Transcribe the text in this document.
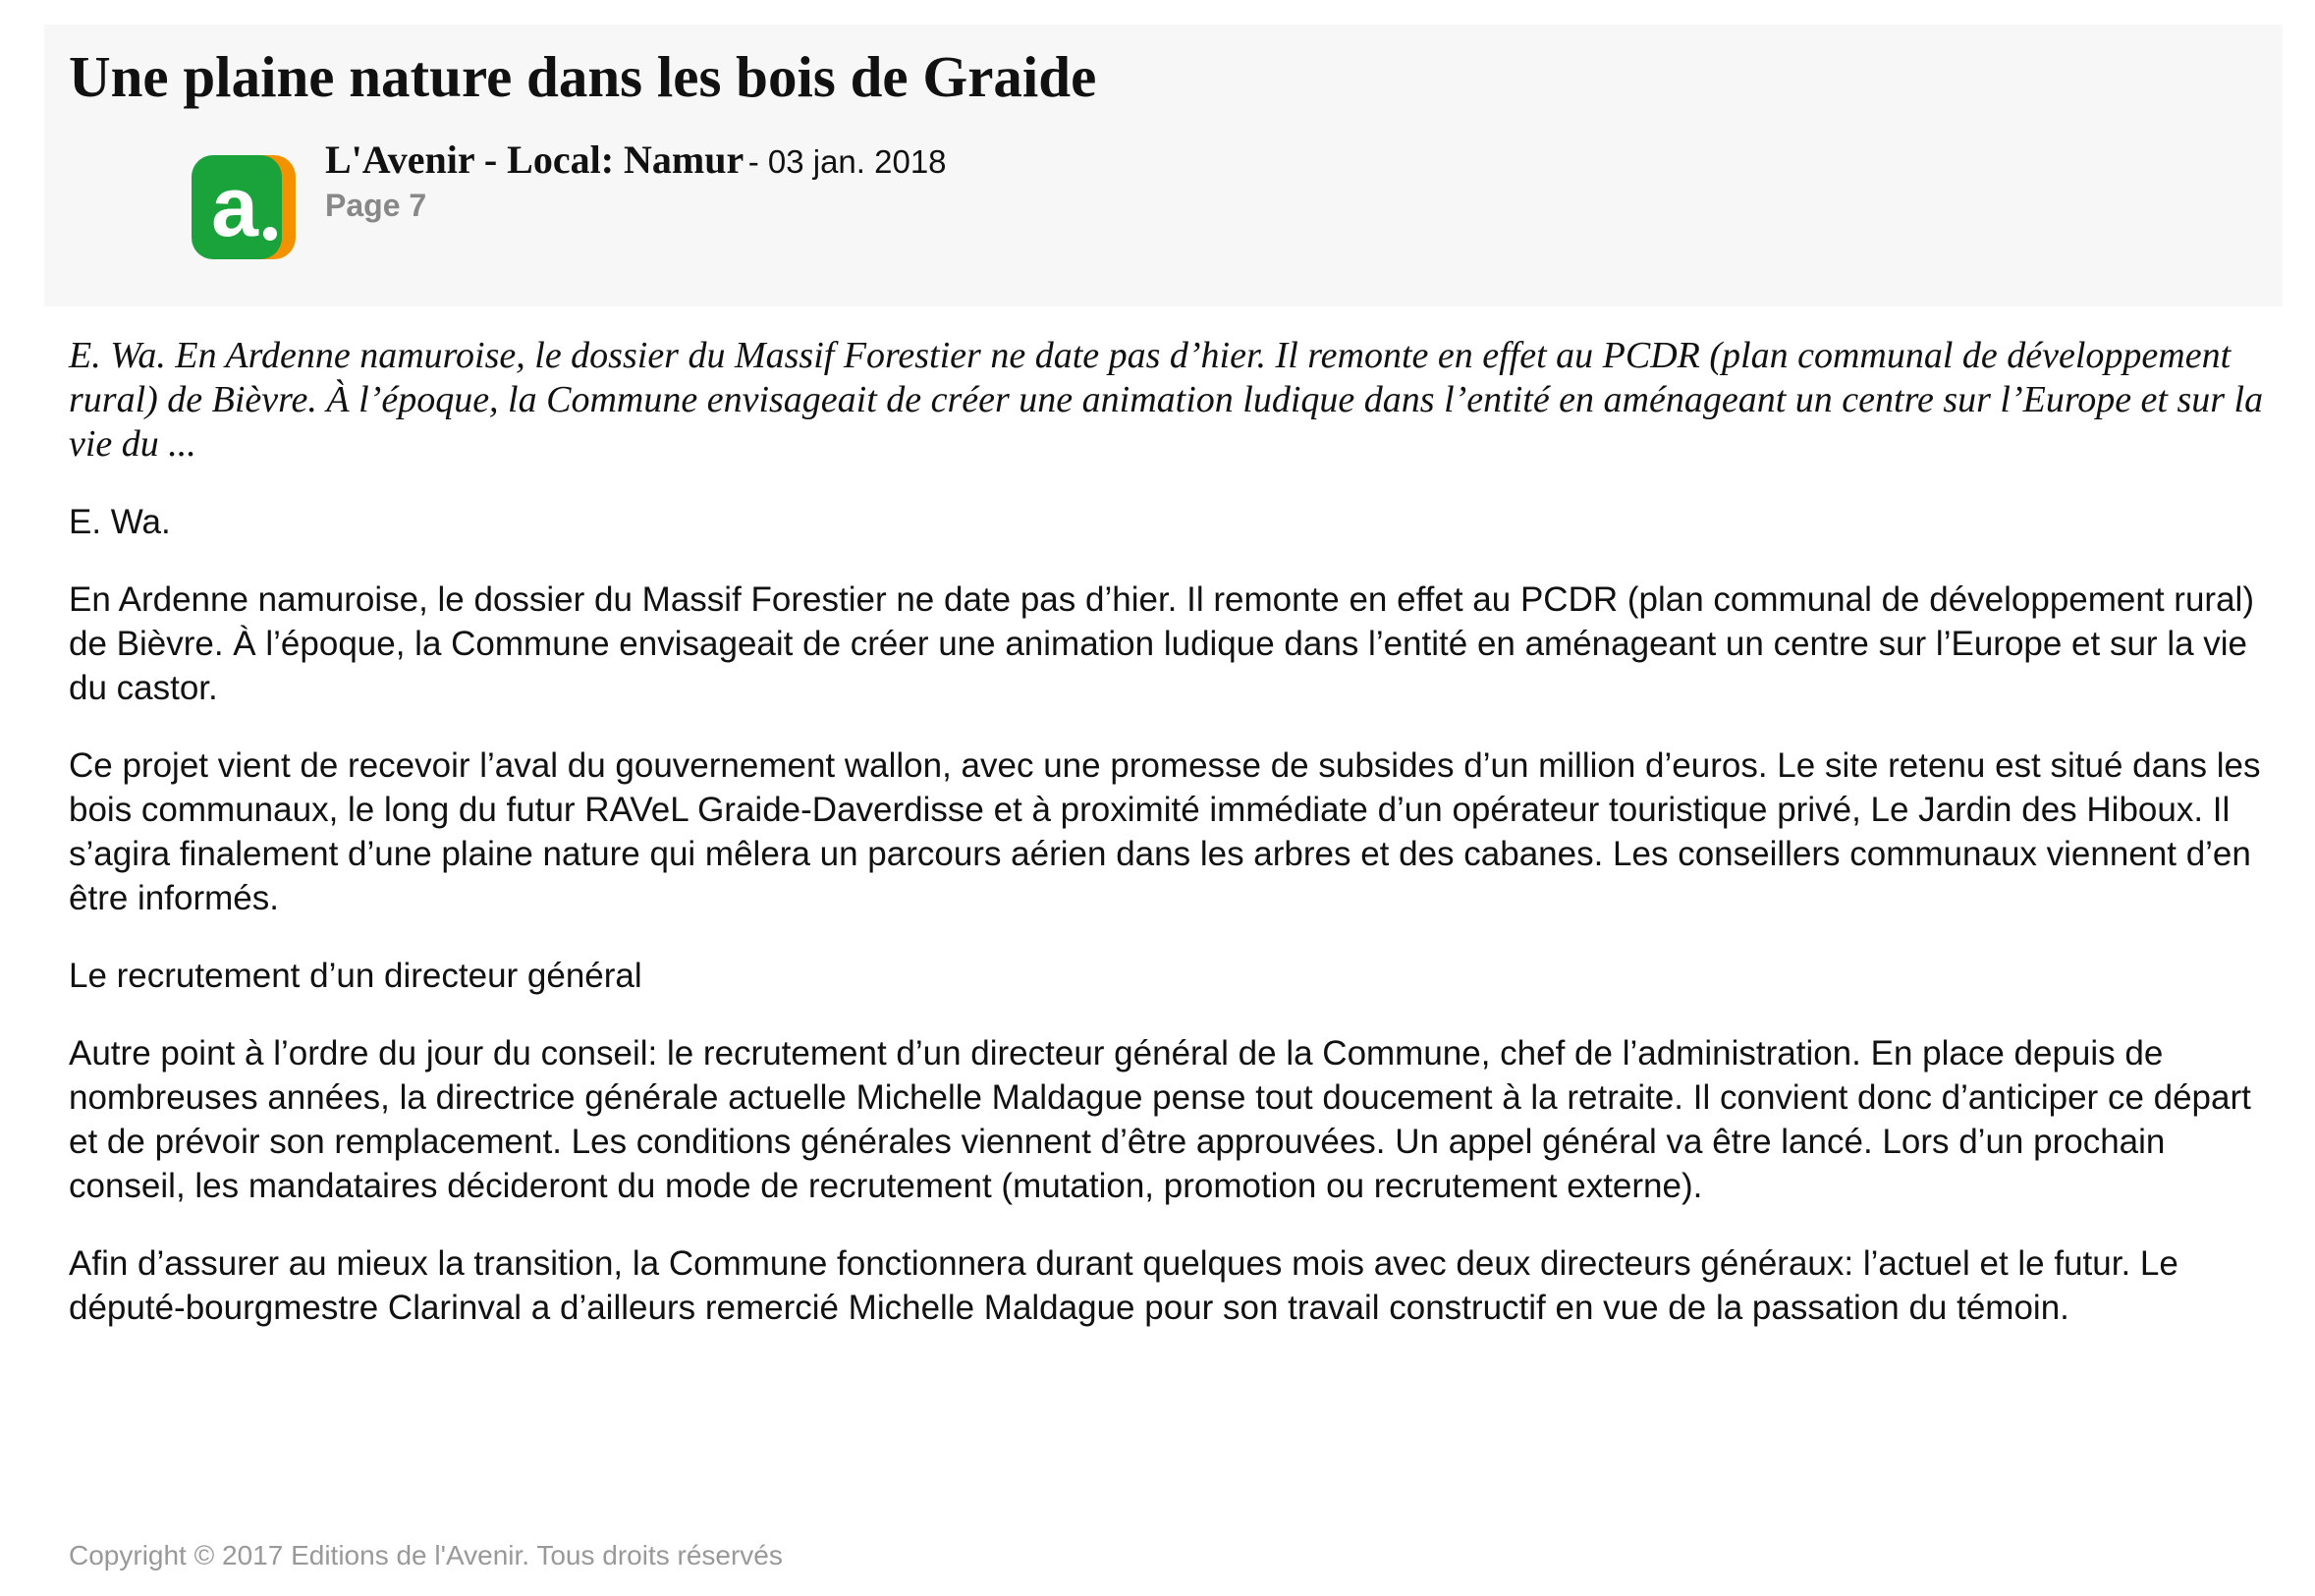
Une plaine nature dans les bois de Graide
a
L'Avenir - Local: Namur - 03 jan. 2018
Page 7

E. Wa. En Ardenne namuroise, le dossier du Massif Forestier ne date pas d’hier. Il remonte en effet au PCDR (plan communal de développement rural) de Bièvre. À l’époque, la Commune envisageait de créer une animation ludique dans l’entité en aménageant un centre sur l’Europe et sur la vie du ...

E. Wa.

En Ardenne namuroise, le dossier du Massif Forestier ne date pas d’hier. Il remonte en effet au PCDR (plan communal de développement rural) de Bièvre. À l’époque, la Commune envisageait de créer une animation ludique dans l’entité en aménageant un centre sur l’Europe et sur la vie du castor.

Ce projet vient de recevoir l’aval du gouvernement wallon, avec une promesse de subsides d’un million d’euros. Le site retenu est situé dans les bois communaux, le long du futur RAVeL Graide-Daverdisse et à proximité immédiate d’un opérateur touristique privé, Le Jardin des Hiboux. Il s’agira finalement d’une plaine nature qui mêlera un parcours aérien dans les arbres et des cabanes. Les conseillers communaux viennent d’en être informés.

Le recrutement d’un directeur général

Autre point à l’ordre du jour du conseil: le recrutement d’un directeur général de la Commune, chef de l’administration. En place depuis de nombreuses années, la directrice générale actuelle Michelle Maldague pense tout doucement à la retraite. Il convient donc d’anticiper ce départ et de prévoir son remplacement. Les conditions générales viennent d’être approuvées. Un appel général va être lancé. Lors d’un prochain conseil, les mandataires décideront du mode de recrutement (mutation, promotion ou recrutement externe).

Afin d’assurer au mieux la transition, la Commune fonctionnera durant quelques mois avec deux directeurs généraux: l’actuel et le futur. Le député-bourgmestre Clarinval a d’ailleurs remercié Michelle Maldague pour son travail constructif en vue de la passation du témoin.

Copyright © 2017 Editions de l'Avenir. Tous droits réservés
